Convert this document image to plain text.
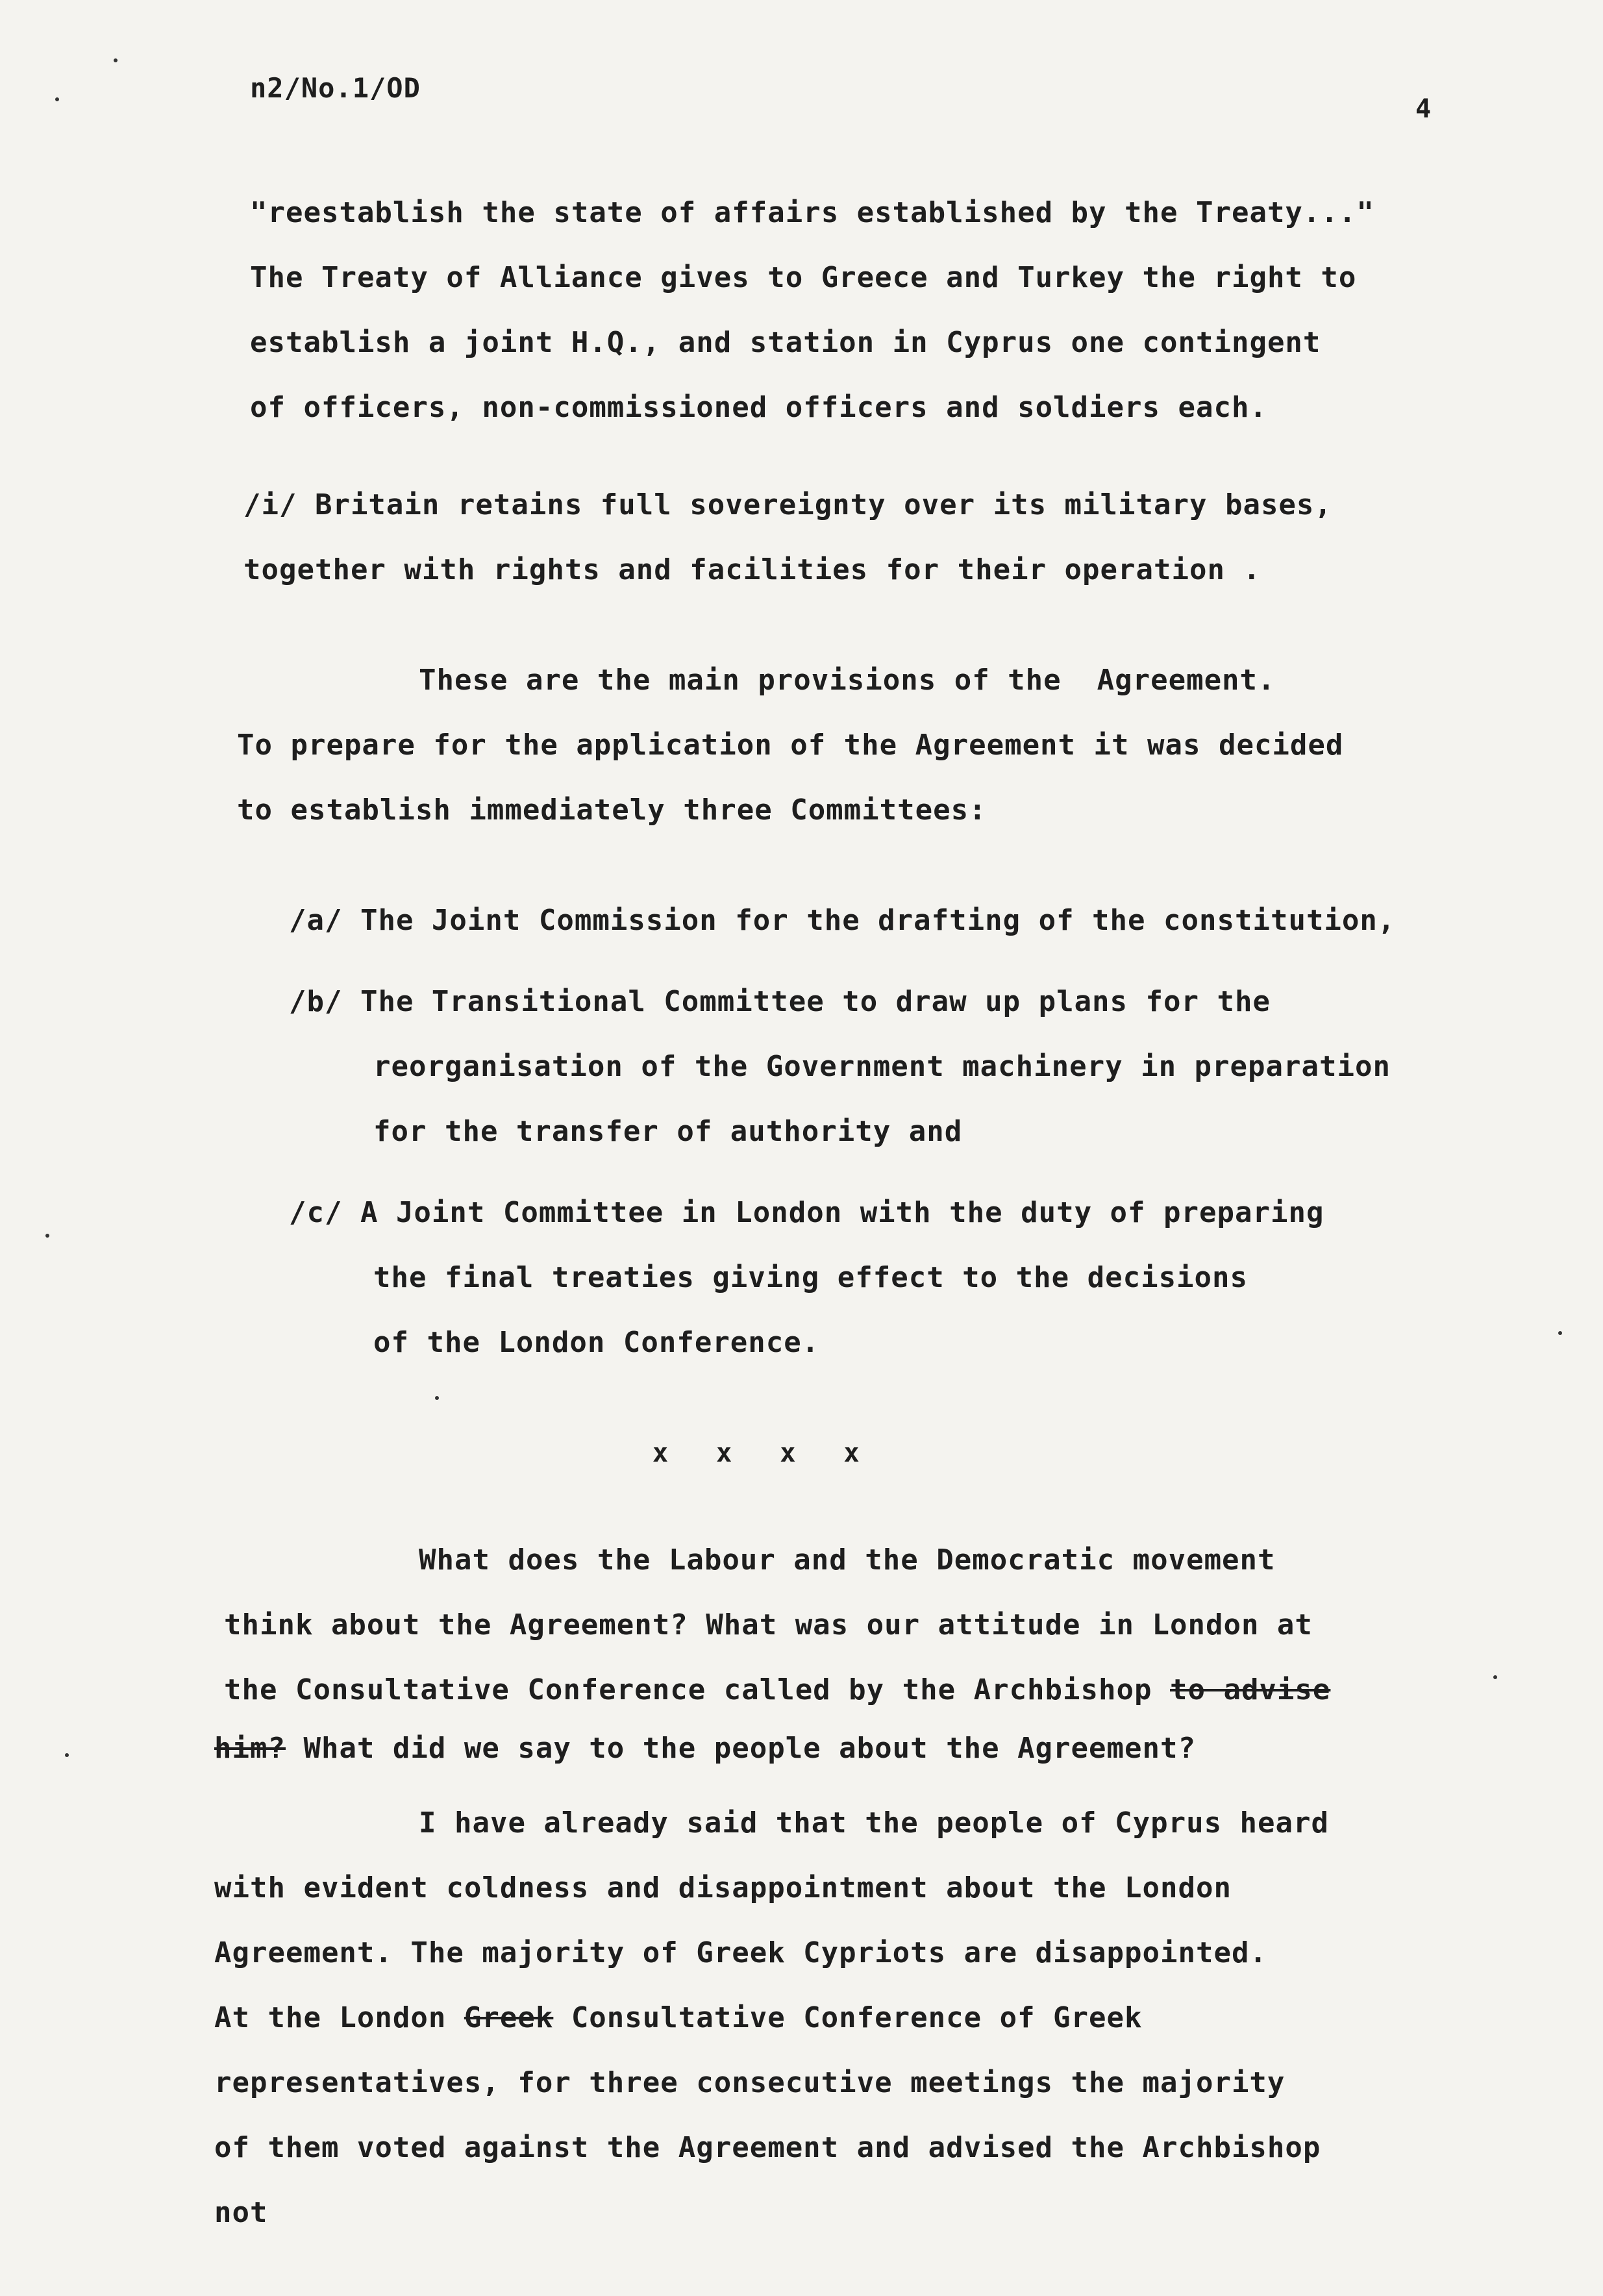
n2/No.1/OD
4
"reestablish the state of affairs established by the Treaty..."
The Treaty of Alliance gives to Greece and Turkey the right to
establish a joint H.Q., and station in Cyprus one contingent
of officers, non-commissioned officers and soldiers each.
/i/ Britain retains full sovereignty over its military bases,
together with rights and facilities for their operation .
These are the main provisions of the  Agreement.
To prepare for the application of the Agreement it was decided
to establish immediately three Committees:
/a/ The Joint Commission for the drafting of the constitution,
/b/ The Transitional Committee to draw up plans for the
reorganisation of the Government machinery in preparation
for the transfer of authority and
/c/ A Joint Committee in London with the duty of preparing
the final treaties giving effect to the decisions
of the London Conference.
x x x x
What does the Labour and the Democratic movement
think about the Agreement? What was our attitude in London at
the Consultative Conference called by the Archbishop to advise
him? What did we say to the people about the Agreement?
I have already said that the people of Cyprus heard
with evident coldness and disappointment about the London
Agreement. The majority of Greek Cypriots are disappointed.
At the London Greek Consultative Conference of Greek
representatives, for three consecutive meetings the majority
of them voted against the Agreement and advised the Archbishop
not
